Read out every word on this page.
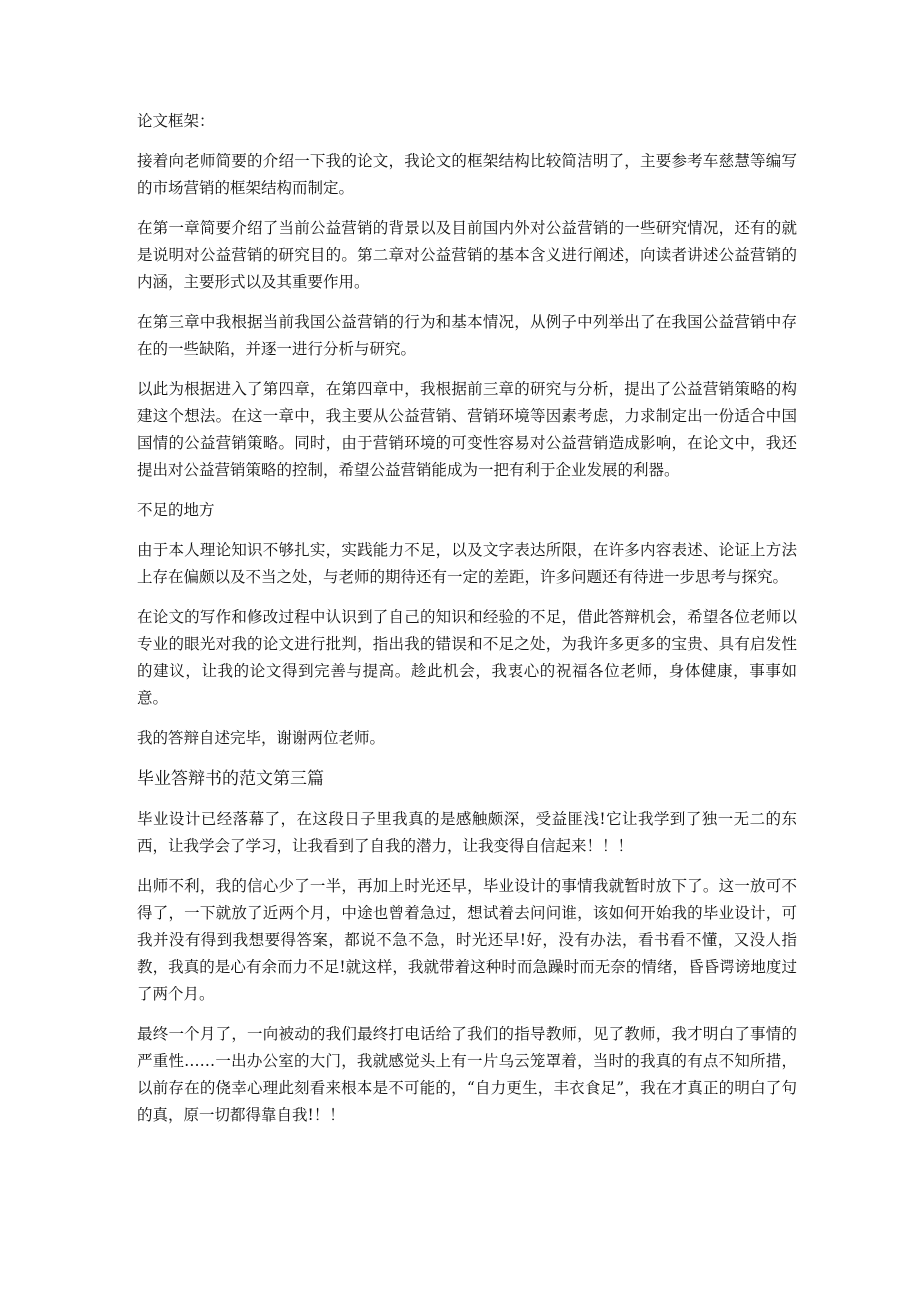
论文框架：

接着向老师简要的介绍一下我的论文，我论文的框架结构比较简洁明了，主要参考车慈慧等编写的市场营销的框架结构而制定。

在第一章简要介绍了当前公益营销的背景以及目前国内外对公益营销的一些研究情况，还有的就是说明对公益营销的研究目的。第二章对公益营销的基本含义进行阐述，向读者讲述公益营销的内涵，主要形式以及其重要作用。

在第三章中我根据当前我国公益营销的行为和基本情况，从例子中列举出了在我国公益营销中存在的一些缺陷，并逐一进行分析与研究。

以此为根据进入了第四章，在第四章中，我根据前三章的研究与分析，提出了公益营销策略的构建这个想法。在这一章中，我主要从公益营销、营销环境等因素考虑，力求制定出一份适合中国国情的公益营销策略。同时，由于营销环境的可变性容易对公益营销造成影响，在论文中，我还提出对公益营销策略的控制，希望公益营销能成为一把有利于企业发展的利器。

不足的地方

由于本人理论知识不够扎实，实践能力不足，以及文字表达所限，在许多内容表述、论证上方法上存在偏颇以及不当之处，与老师的期待还有一定的差距，许多问题还有待进一步思考与探究。

在论文的写作和修改过程中认识到了自己的知识和经验的不足，借此答辩机会，希望各位老师以专业的眼光对我的论文进行批判，指出我的错误和不足之处，为我许多更多的宝贵、具有启发性的建议，让我的论文得到完善与提高。趁此机会，我衷心的祝福各位老师，身体健康，事事如意。

我的答辩自述完毕，谢谢两位老师。

毕业答辩书的范文第三篇

毕业设计已经落幕了，在这段日子里我真的是感触颇深，受益匪浅!它让我学到了独一无二的东西，让我学会了学习，让我看到了自我的潜力，让我变得自信起来！！！

出师不利，我的信心少了一半，再加上时光还早，毕业设计的事情我就暂时放下了。这一放可不得了，一下就放了近两个月，中途也曾着急过，想试着去问问谁，该如何开始我的毕业设计，可我并没有得到我想要得答案，都说不急不急，时光还早!好，没有办法，看书看不懂，又没人指教，我真的是心有余而力不足!就这样，我就带着这种时而急躁时而无奈的情绪，昏昏谔谤地度过了两个月。

最终一个月了，一向被动的我们最终打电话给了我们的指导教师，见了教师，我才明白了事情的严重性……一出办公室的大门，我就感觉头上有一片乌云笼罩着，当时的我真的有点不知所措，以前存在的侥幸心理此刻看来根本是不可能的，“自力更生，丰衣食足”，我在才真正的明白了句的真，原一切都得靠自我!！！
